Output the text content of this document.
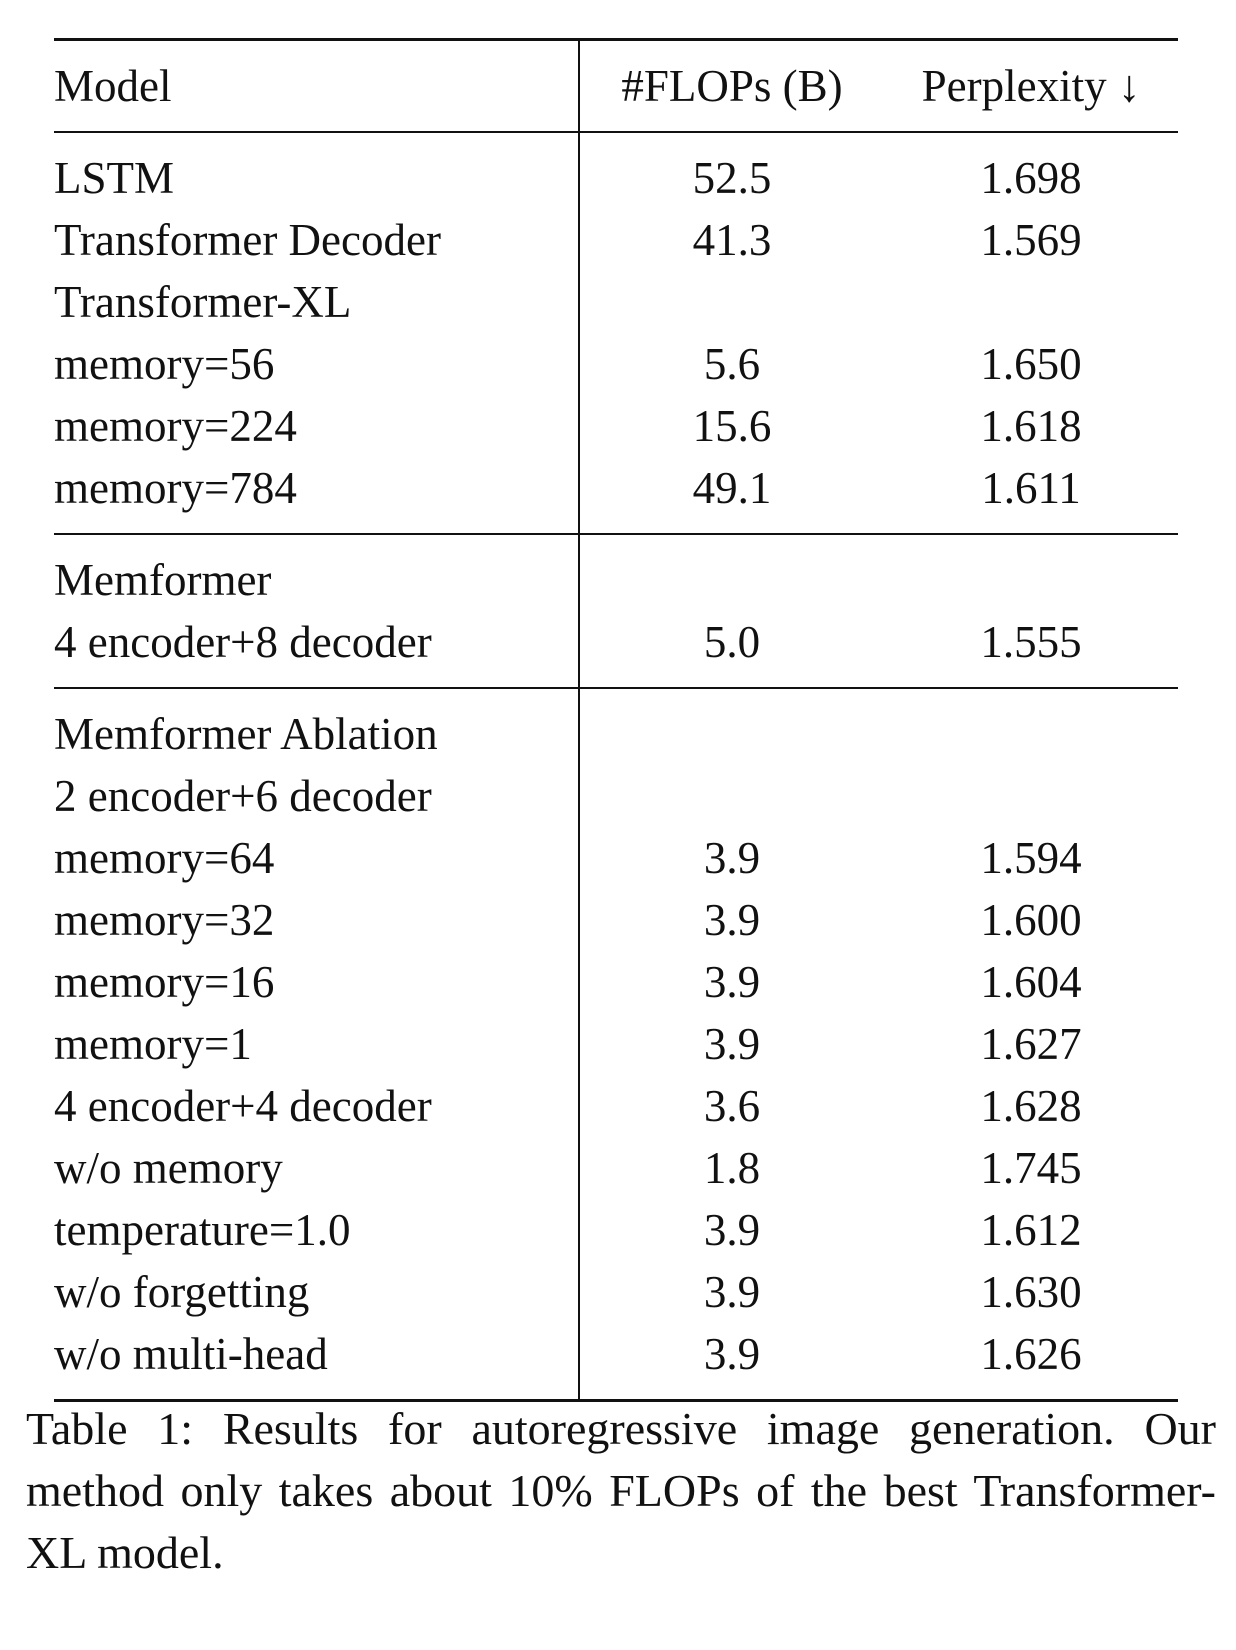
Model	#FLOPs (B)	Perplexity ↓
LSTM	52.5	1.698
Transformer Decoder	41.3	1.569
Transformer-XL		
memory=56	5.6	1.650
memory=224	15.6	1.618
memory=784	49.1	1.611
Memformer		
4 encoder+8 decoder	5.0	1.555
Memformer Ablation		
2 encoder+6 decoder		
memory=64	3.9	1.594
memory=32	3.9	1.600
memory=16	3.9	1.604
memory=1	3.9	1.627
4 encoder+4 decoder	3.6	1.628
w/o memory	1.8	1.745
temperature=1.0	3.9	1.612
w/o forgetting	3.9	1.630
w/o multi-head	3.9	1.626

Table 1: Results for autoregressive image generation. Our method only takes about 10% FLOPs of the best Transformer-XL model.
